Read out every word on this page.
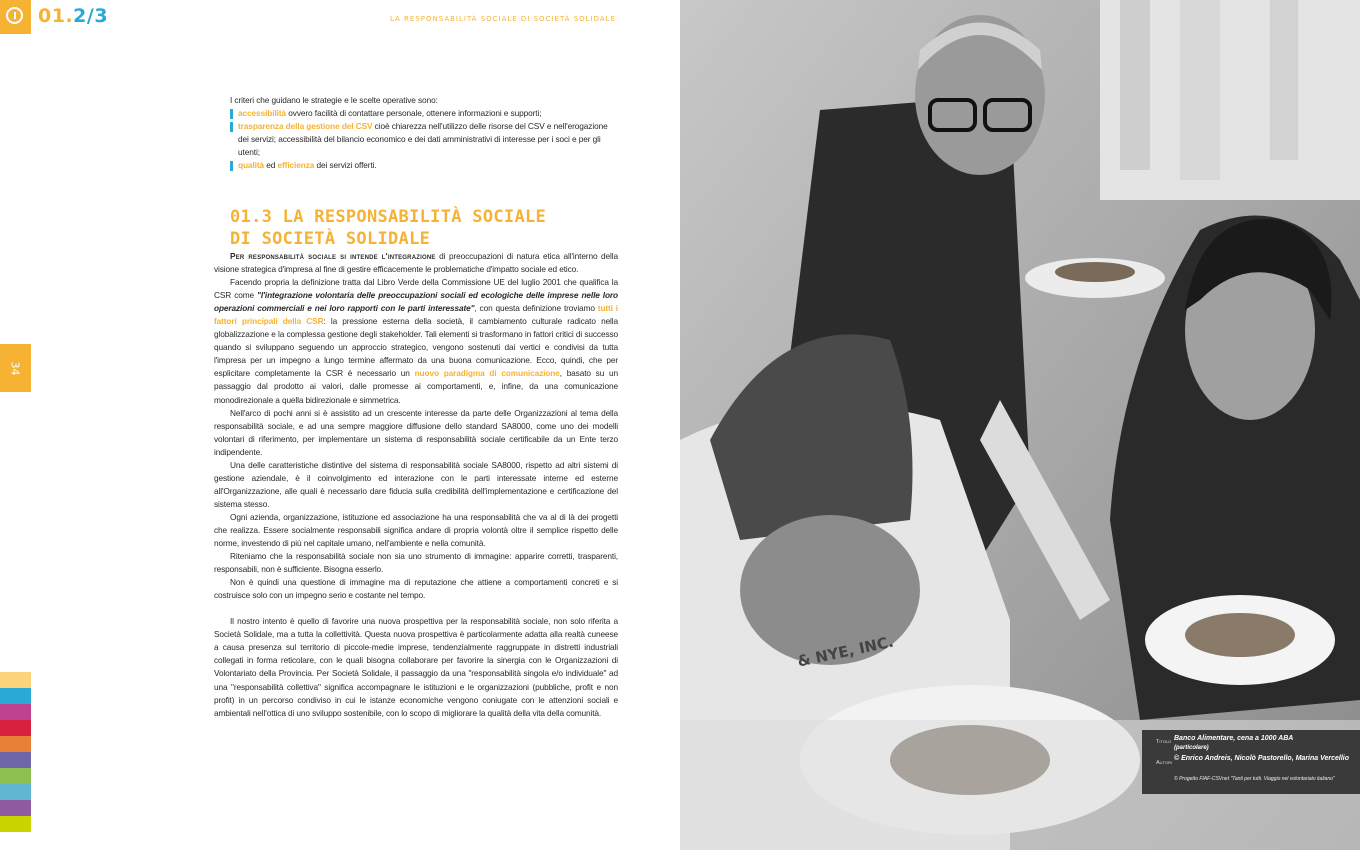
01.2/3	LA RESPONSABILITÀ SOCIALE DI SOCIETÀ SOLIDALE
34

I criteri che guidano le strategie e le scelte operative sono:

accessibilità ovvero facilità di contattare personale, ottenere informazioni e supporti;

trasparenza della gestione del CSV cioè chiarezza nell'utilizzo delle risorse del CSV e nell'erogazione dei servizi; accessibilità del bilancio economico e dei dati amministrativi di interesse per i soci e per gli utenti;

qualità ed efficienza dei servizi offerti.

01.3 LA RESPONSABILITÀ SOCIALE
DI SOCIETÀ SOLIDALE

Per responsabilità sociale si intende l'integrazione di preoccupazioni di natura etica all'interno della visione strategica d'impresa al fine di gestire efficacemente le problematiche d'impatto sociale ed etico.

Facendo propria la definizione tratta dal Libro Verde della Commissione UE del luglio 2001 che qualifica la CSR come "l'integrazione volontaria delle preoccupazioni sociali ed ecologiche delle imprese nelle loro operazioni commerciali e nei loro rapporti con le parti interessate", con questa definizione troviamo tutti i fattori principali della CSR: la pressione esterna della società, il cambiamento culturale radicato nella globalizzazione e la complessa gestione degli stakeholder. Tali elementi si trasformano in fattori critici di successo quando si sviluppano seguendo un approccio strategico, vengono sostenuti dai vertici e condivisi da tutta l'impresa per un impegno a lungo termine affermato da una buona comunicazione. Ecco, quindi, che per esplicitare completamente la CSR è necessario un nuovo paradigma di comunicazione, basato su un passaggio dal prodotto ai valori, dalle promesse ai comportamenti, e, infine, da una comunicazione monodirezionale a quella bidirezionale e simmetrica.

Nell'arco di pochi anni si è assistito ad un crescente interesse da parte delle Organizzazioni al tema della responsabilità sociale, e ad una sempre maggiore diffusione dello standard SA8000, come uno dei modelli volontari di riferimento, per implementare un sistema di responsabilità sociale certificabile da un Ente terzo indipendente.

Una delle caratteristiche distintive del sistema di responsabilità sociale SA8000, rispetto ad altri sistemi di gestione aziendale, è il coinvolgimento ed interazione con le parti interessate interne ed esterne all'Organizzazione, alle quali è necessario dare fiducia sulla credibilità dell'implementazione e certificazione del sistema stesso.

Ogni azienda, organizzazione, istituzione ed associazione ha una responsabilità che va al di là dei progetti che realizza. Essere socialmente responsabili significa andare di propria volontà oltre il semplice rispetto delle norme, investendo di più nel capitale umano, nell'ambiente e nella comunità.

Riteniamo che la responsabilità sociale non sia uno strumento di immagine: apparire corretti, trasparenti, responsabili, non è sufficiente. Bisogna esserlo.

Non è quindi una questione di immagine ma di reputazione che attiene a comportamenti concreti e si costruisce solo con un impegno serio e costante nel tempo.

Il nostro intento è quello di favorire una nuova prospettiva per la responsabilità sociale, non solo riferita a Società Solidale, ma a tutta la collettività. Questa nuova prospettiva è particolarmente adatta alla realtà cuneese a causa presenza sul territorio di piccole-medie imprese, tendenzialmente raggruppate in distretti industriali collegati in forma reticolare, con le quali bisogna collaborare per favorire la sinergia con le Organizzazioni di Volontariato della Provincia. Per Società Solidale, il passaggio da una "responsabilità singola e/o individuale" ad una "responsabilità collettiva" significa accompagnare le istituzioni e le organizzazioni (pubbliche, profit e non profit) in un percorso condiviso in cui le istanze economiche vengono coniugate con le attenzioni sociali e ambientali nell'ottica di uno sviluppo sostenibile, con lo scopo di migliorare la qualità della vita della comunità.

& NYE, INC.
Titolo Banco Alimentare, cena a 1000 ABA
(particolare)
Autori
© Enrico Andreis, Nicolò Pastorello, Marina Vercellio
© Progetto FIAF-CSVnet "Tanti per tutti. Viaggio nel volontariato italiano"
